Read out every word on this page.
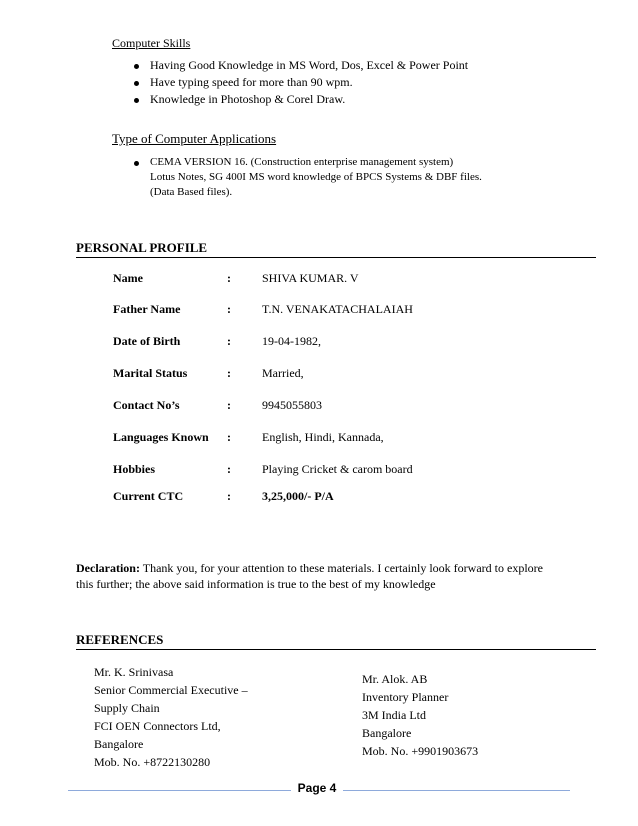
Computer Skills
Having Good Knowledge in MS Word, Dos, Excel & Power Point
Have typing speed for more than 90 wpm.
Knowledge in Photoshop & Corel Draw.
Type of Computer Applications
CEMA VERSION 16. (Construction enterprise management system)
Lotus Notes, SG 400I MS word knowledge of BPCS Systems & DBF files.
(Data Based files).
PERSONAL PROFILE
Name	:	SHIVA KUMAR. V
Father Name	:	T.N. VENAKATACHALAIAH
Date of Birth	:	19-04-1982,
Marital Status	:	Married,
Contact No’s	:	9945055803
Languages Known :	English, Hindi, Kannada,
Hobbies	:	Playing Cricket & carom board
Current CTC	:	3,25,000/- P/A
Declaration: Thank you, for your attention to these materials. I certainly look forward to explore
this further; the above said information is true to the best of my knowledge
REFERENCES
Mr. K. Srinivasa
Senior Commercial Executive –
Supply Chain
FCI OEN Connectors Ltd,
Bangalore
Mob. No. +8722130280
Mr. Alok. AB
Inventory Planner
3M India Ltd
Bangalore
Mob. No. +9901903673
Page 4
